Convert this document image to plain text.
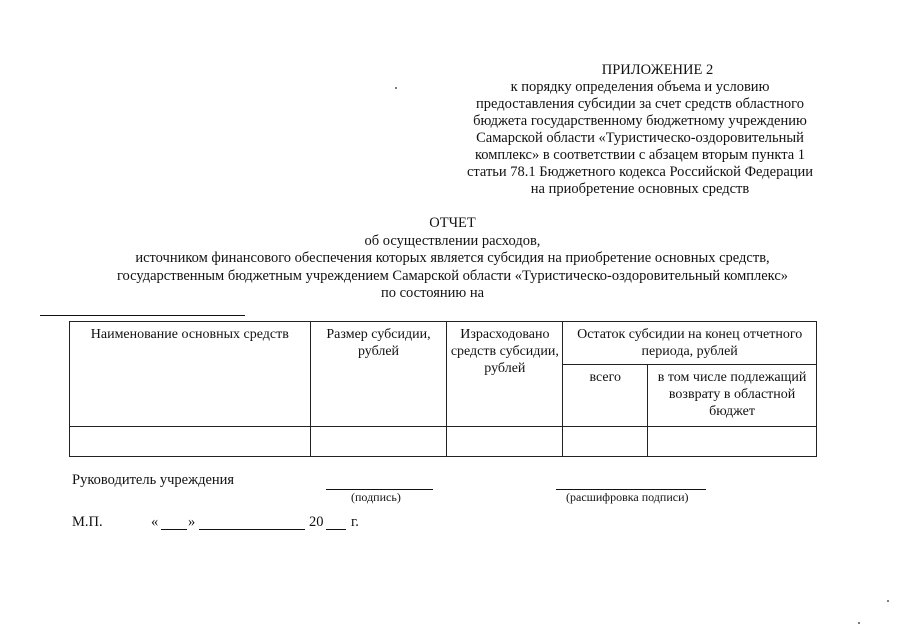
ПРИЛОЖЕНИЕ 2
к порядку определения объема и условию
предоставления субсидии за счет средств областного
бюджета государственному бюджетному учреждению
Самарской области «Туристическо-оздоровительный
комплекс» в соответствии с абзацем вторым пункта 1
статьи 78.1 Бюджетного кодекса Российской Федерации
на приобретение основных средств
ОТЧЕТ
об осуществлении расходов,
источником финансового обеспечения которых является субсидия на приобретение основных средств,
государственным бюджетным учреждением Самарской области «Туристическо-оздоровительный комплекс»
по состоянию на
Наименование основных средств	Размер субсидии, рублей	Израсходовано средств субсидии, рублей	Остаток субсидии на конец отчетного периода, рублей	
			всего	в том числе подлежащий возврату в областной бюджет

Руководитель учреждения
(подпись)	(расшифровка подписи)
М.П.	« »	20 г.
